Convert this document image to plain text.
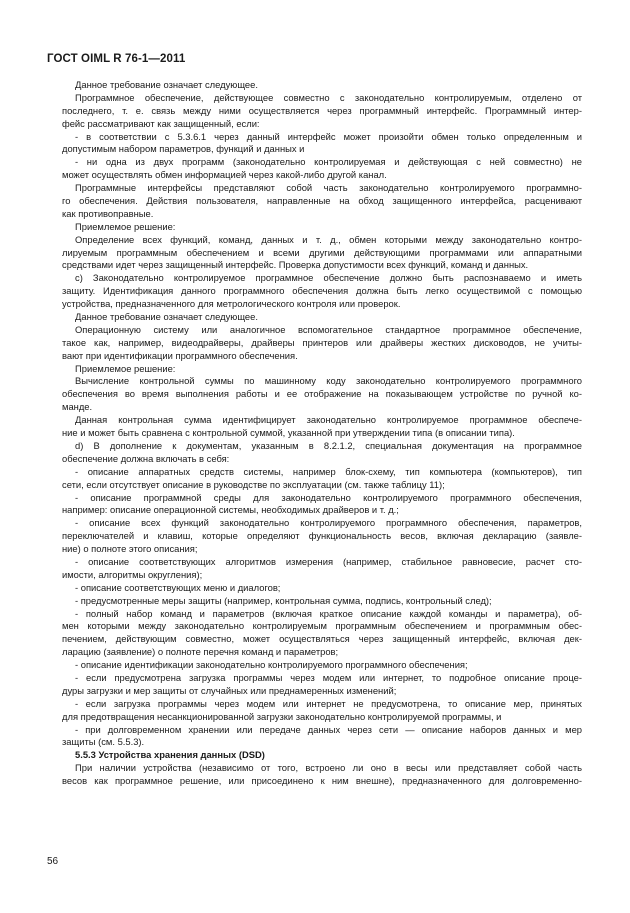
ГОСТ OIML R 76-1—2011
Данное требование означает следующее.
Программное обеспечение, действующее совместно с законодательно контролируемым, отделено от
последнего, т. е. связь между ними осуществляется через программный интерфейс. Программный интер-
фейс рассматривают как защищенный, если:
- в соответствии с 5.3.6.1 через данный интерфейс может произойти обмен только определенным и
допустимым набором параметров, функций и данных и
- ни одна из двух программ (законодательно контролируемая и действующая с ней совместно) не
может осуществлять обмен информацией через какой-либо другой канал.
Программные интерфейсы представляют собой часть законодательно контролируемого программно-
го обеспечения. Действия пользователя, направленные на обход защищенного интерфейса, расценивают
как противоправные.
Приемлемое решение:
Определение всех функций, команд, данных и т. д., обмен которыми между законодательно контро-
лируемым программным обеспечением и всеми другими действующими программами или аппаратными
средствами идет через защищенный интерфейс. Проверка допустимости всех функций, команд и данных.
c) Законодательно контролируемое программное обеспечение должно быть распознаваемо и иметь
защиту. Идентификация данного программного обеспечения должна быть легко осуществимой с помощью
устройства, предназначенного для метрологического контроля или проверок.
Данное требование означает следующее.
Операционную систему или аналогичное вспомогательное стандартное программное обеспечение,
такое как, например, видеодрайверы, драйверы принтеров или драйверы жестких дисководов, не учиты-
вают при идентификации программного обеспечения.
Приемлемое решение:
Вычисление контрольной суммы по машинному коду законодательно контролируемого программного
обеспечения во время выполнения работы и ее отображение на показывающем устройстве по ручной ко-
манде.
Данная контрольная сумма идентифицирует законодательно контролируемое программное обеспече-
ние и может быть сравнена с контрольной суммой, указанной при утверждении типа (в описании типа).
d) В дополнение к документам, указанным в 8.2.1.2, специальная документация на программное
обеспечение должна включать в себя:
- описание аппаратных средств системы, например блок-схему, тип компьютера (компьютеров), тип
сети, если отсутствует описание в руководстве по эксплуатации (см. также таблицу 11);
- описание программной среды для законодательно контролируемого программного обеспечения,
например: описание операционной системы, необходимых драйверов и т. д.;
- описание всех функций законодательно контролируемого программного обеспечения, параметров,
переключателей и клавиш, которые определяют функциональность весов, включая декларацию (заявле-
ние) о полноте этого описания;
- описание соответствующих алгоритмов измерения (например, стабильное равновесие, расчет сто-
имости, алгоритмы округления);
- описание соответствующих меню и диалогов;
- предусмотренные меры защиты (например, контрольная сумма, подпись, контрольный след);
- полный набор команд и параметров (включая краткое описание каждой команды и параметра), об-
мен которыми между законодательно контролируемым программным обеспечением и программным обес-
печением, действующим совместно, может осуществляться через защищенный интерфейс, включая дек-
ларацию (заявление) о полноте перечня команд и параметров;
- описание идентификации законодательно контролируемого программного обеспечения;
- если предусмотрена загрузка программы через модем или интернет, то подробное описание проце-
дуры загрузки и мер защиты от случайных или преднамеренных изменений;
- если загрузка программы через модем или интернет не предусмотрена, то описание мер, принятых
для предотвращения несанкционированной загрузки законодательно контролируемой программы, и
- при долговременном хранении или передаче данных через сети — описание наборов данных и мер
защиты (см. 5.5.3).
5.5.3 Устройства хранения данных (DSD)
При наличии устройства (независимо от того, встроено ли оно в весы или представляет собой часть
весов как программное решение, или присоединено к ним внешне), предназначенного для долговременно-
56
